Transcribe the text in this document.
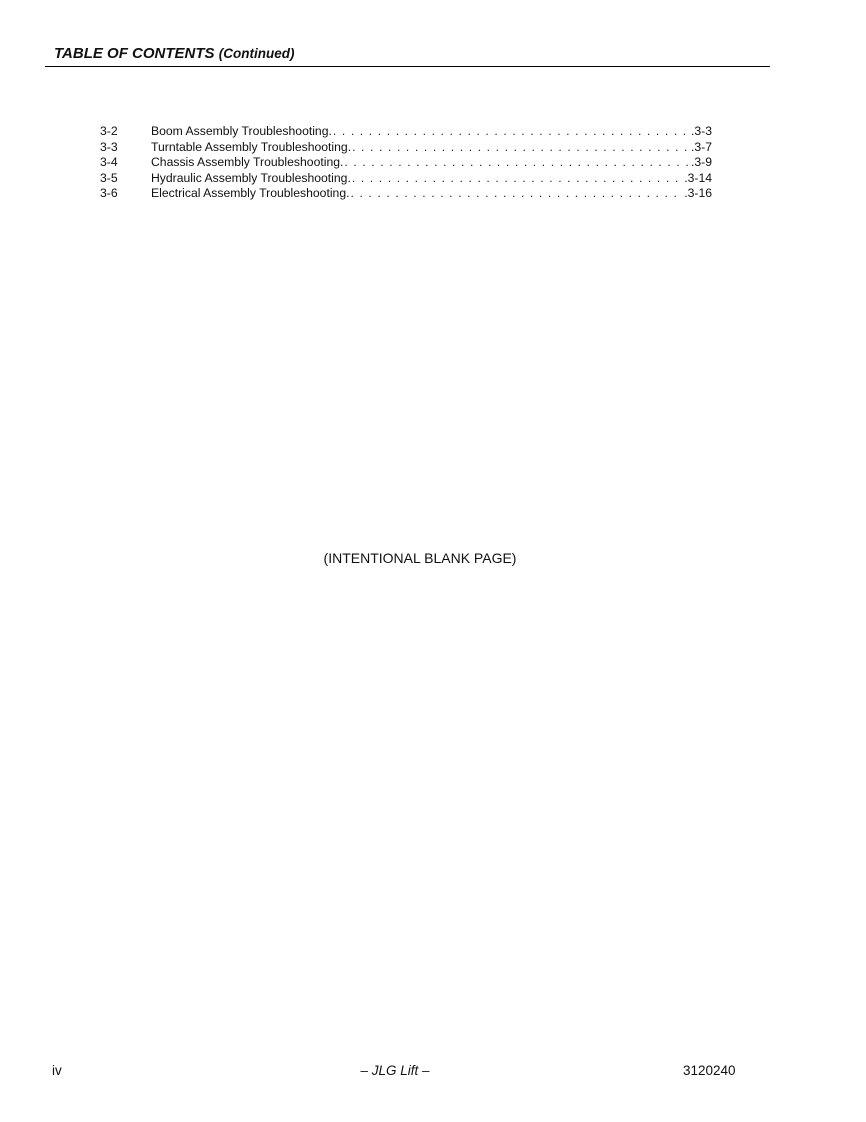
TABLE OF CONTENTS (Continued)
3-2	Boom Assembly Troubleshooting. . . .	.3-3
3-3	Turntable Assembly Troubleshooting. . . .	.3-7
3-4	Chassis Assembly Troubleshooting. . . .	.3-9
3-5	Hydraulic Assembly Troubleshooting. . . .	.3-14
3-6	Electrical Assembly Troubleshooting. . . .	.3-16
(INTENTIONAL BLANK PAGE)
iv	– JLG Lift –	3120240
